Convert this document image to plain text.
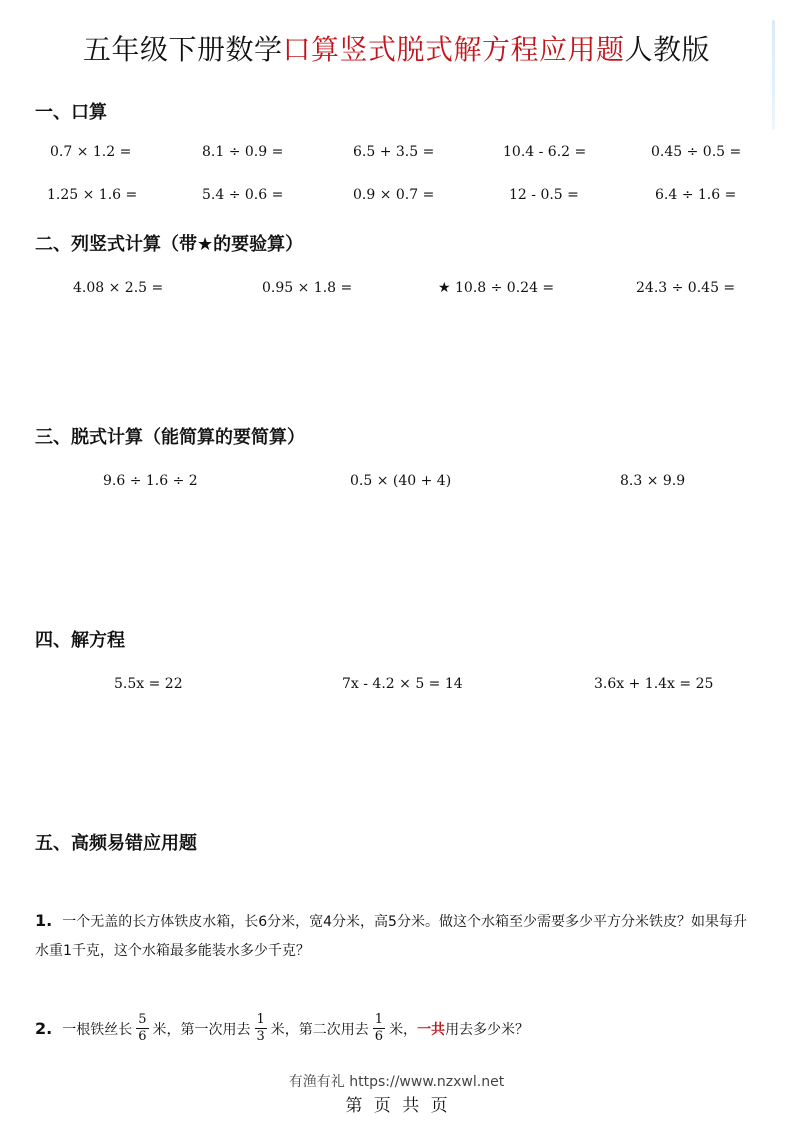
五年级下册数学口算竖式脱式解方程应用题人教版
一、口算
0.7 × 1.2 =	8.1 ÷ 0.9 =	6.5 + 3.5 =	10.4 - 6.2 =	0.45 ÷ 0.5 =
1.25 × 1.6 =	5.4 ÷ 0.6 =	0.9 × 0.7 =	12 - 0.5 =	6.4 ÷ 1.6 =
二、列竖式计算（带★的要验算）
4.08 × 2.5 =	0.95 × 1.8 =	★ 10.8 ÷ 0.24 =	24.3 ÷ 0.45 =
三、脱式计算（能简算的要简算）
9.6 ÷ 1.6 ÷ 2	0.5 × (40 + 4)	8.3 × 9.9
四、解方程
5.5x = 22	7x - 4.2 × 5 = 14	3.6x + 1.4x = 25
五、高频易错应用题
1. 一个无盖的长方体铁皮水箱，长6分米，宽4分米，高5分米。做这个水箱至少需要多少平方分米铁皮？如果每升水重1千克，这个水箱最多能装水多少千克？
2. 一根铁丝长 $\frac{5}{6}$ 米，第一次用去 $\frac{1}{3}$ 米，第二次用去 $\frac{1}{6}$ 米， 一共 用去多少米？
有渔有礼 https://www.nzxwl.net
第 页 共 页
